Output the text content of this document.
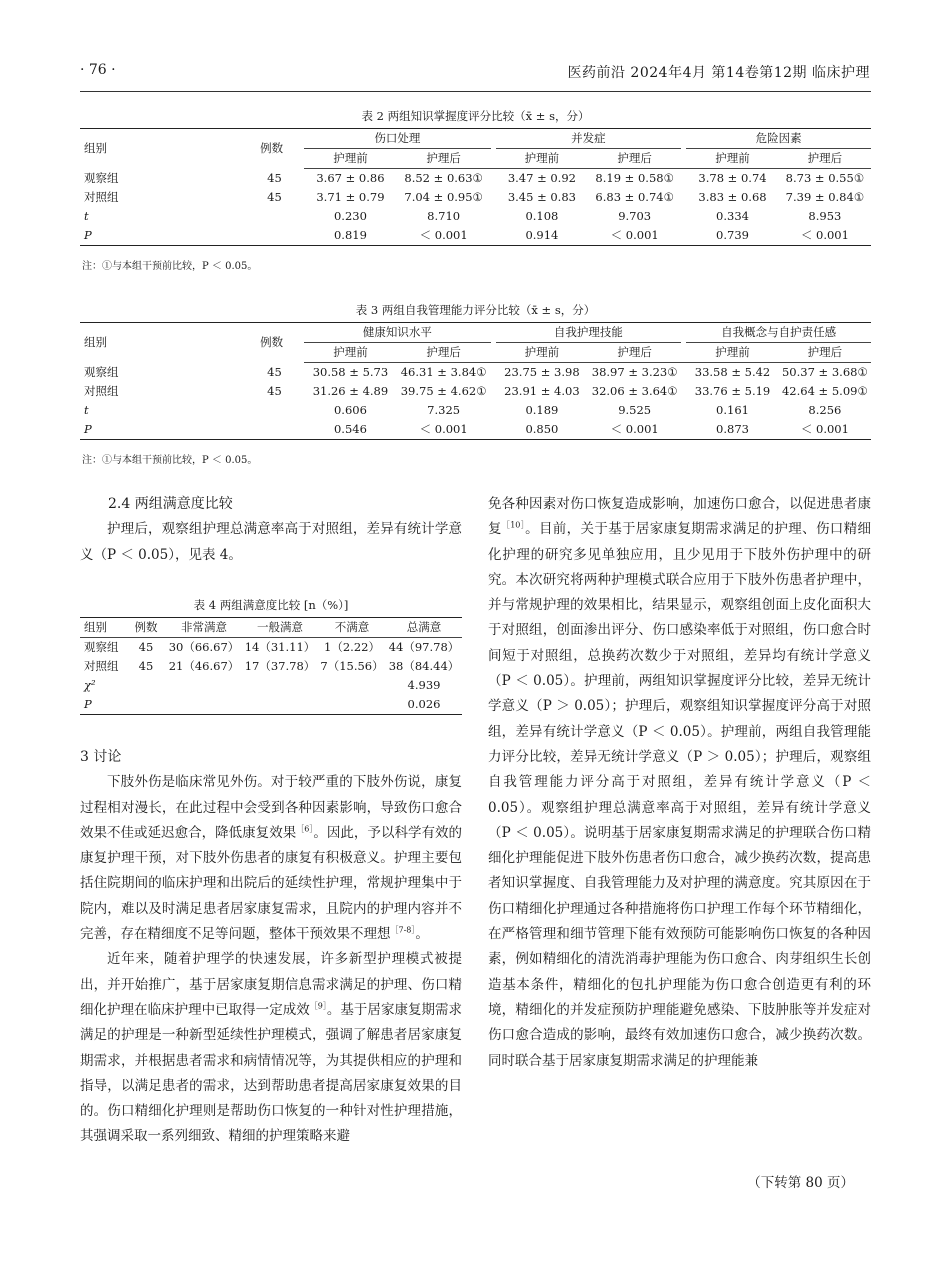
· 76 ·	医药前沿 2024年4月 第14卷第12期 临床护理
表 2 两组知识掌握度评分比较（x̄ ± s，分）
组别	例数	伤口处理			并发症			危险因素	
		护理前	护理后		护理前	护理后		护理前	护理后
观察组	45	3.67 ± 0.86	8.52 ± 0.63①		3.47 ± 0.92	8.19 ± 0.58①		3.78 ± 0.74	8.73 ± 0.55①
对照组	45	3.71 ± 0.79	7.04 ± 0.95①		3.45 ± 0.83	6.83 ± 0.74①		3.83 ± 0.68	7.39 ± 0.84①
t		0.230	8.710		0.108	9.703		0.334	8.953
P		0.819	＜ 0.001		0.914	＜ 0.001		0.739	＜ 0.001
注：①与本组干预前比较，P ＜ 0.05。
表 3 两组自我管理能力评分比较（x̄ ± s，分）
组别	例数	健康知识水平			自我护理技能			自我概念与自护责任感	
		护理前	护理后		护理前	护理后		护理前	护理后
观察组	45	30.58 ± 5.73	46.31 ± 3.84①		23.75 ± 3.98	38.97 ± 3.23①		33.58 ± 5.42	50.37 ± 3.68①
对照组	45	31.26 ± 4.89	39.75 ± 4.62①		23.91 ± 4.03	32.06 ± 3.64①		33.76 ± 5.19	42.64 ± 5.09①
t		0.606	7.325		0.189	9.525		0.161	8.256
P		0.546	＜ 0.001		0.850	＜ 0.001		0.873	＜ 0.001
注：①与本组干预前比较，P ＜ 0.05。

2.4 两组满意度比较

护理后，观察组护理总满意率高于对照组，差异有统计学意义（P ＜ 0.05），见表 4。

表 4 两组满意度比较 [n（%）]
组别	例数	非常满意	一般满意	不满意	总满意
观察组	45	30（66.67）	14（31.11）	1（2.22）	44（97.78）
对照组	45	21（46.67）	17（37.78）	7（15.56）	38（84.44）
χ²					4.939
P					0.026

3 讨论

下肢外伤是临床常见外伤。对于较严重的下肢外伤说，康复过程相对漫长，在此过程中会受到各种因素影响，导致伤口愈合效果不佳或延迟愈合，降低康复效果$^{[6]}$。因此，予以科学有效的康复护理干预，对下肢外伤患者的康复有积极意义。护理主要包括住院期间的临床护理和出院后的延续性护理，常规护理集中于院内，难以及时满足患者居家康复需求，且院内的护理内容并不完善，存在精细度不足等问题，整体干预效果不理想$^{[7-8]}$。

近年来，随着护理学的快速发展，许多新型护理模式被提出，并开始推广，基于居家康复期信息需求满足的护理、伤口精细化护理在临床护理中已取得一定成效$^{[9]}$。基于居家康复期需求满足的护理是一种新型延续性护理模式，强调了解患者居家康复期需求，并根据患者需求和病情情况等，为其提供相应的护理和指导，以满足患者的需求，达到帮助患者提高居家康复效果的目的。伤口精细化护理则是帮助伤口恢复的一种针对性护理措施，其强调采取一系列细致、精细的护理策略来避

免各种因素对伤口恢复造成影响，加速伤口愈合，以促进患者康复$^{[10]}$。目前，关于基于居家康复期需求满足的护理、伤口精细化护理的研究多见单独应用，且少见用于下肢外伤护理中的研究。本次研究将两种护理模式联合应用于下肢外伤患者护理中，并与常规护理的效果相比，结果显示，观察组创面上皮化面积大于对照组，创面渗出评分、伤口感染率低于对照组，伤口愈合时间短于对照组，总换药次数少于对照组，差异均有统计学意义（P ＜ 0.05）。护理前，两组知识掌握度评分比较，差异无统计学意义（P ＞ 0.05）；护理后，观察组知识掌握度评分高于对照组，差异有统计学意义（P ＜ 0.05）。护理前，两组自我管理能力评分比较，差异无统计学意义（P ＞ 0.05）；护理后，观察组自我管理能力评分高于对照组，差异有统计学意义（P ＜ 0.05）。观察组护理总满意率高于对照组，差异有统计学意义（P ＜ 0.05）。说明基于居家康复期需求满足的护理联合伤口精细化护理能促进下肢外伤患者伤口愈合，减少换药次数，提高患者知识掌握度、自我管理能力及对护理的满意度。究其原因在于伤口精细化护理通过各种措施将伤口护理工作每个环节精细化，在严格管理和细节管理下能有效预防可能影响伤口恢复的各种因素，例如精细化的清洗消毒护理能为伤口愈合、肉芽组织生长创造基本条件，精细化的包扎护理能为伤口愈合创造更有利的环境，精细化的并发症预防护理能避免感染、下肢肿胀等并发症对伤口愈合造成的影响，最终有效加速伤口愈合，减少换药次数。同时联合基于居家康复期需求满足的护理能兼

（下转第 80 页）
